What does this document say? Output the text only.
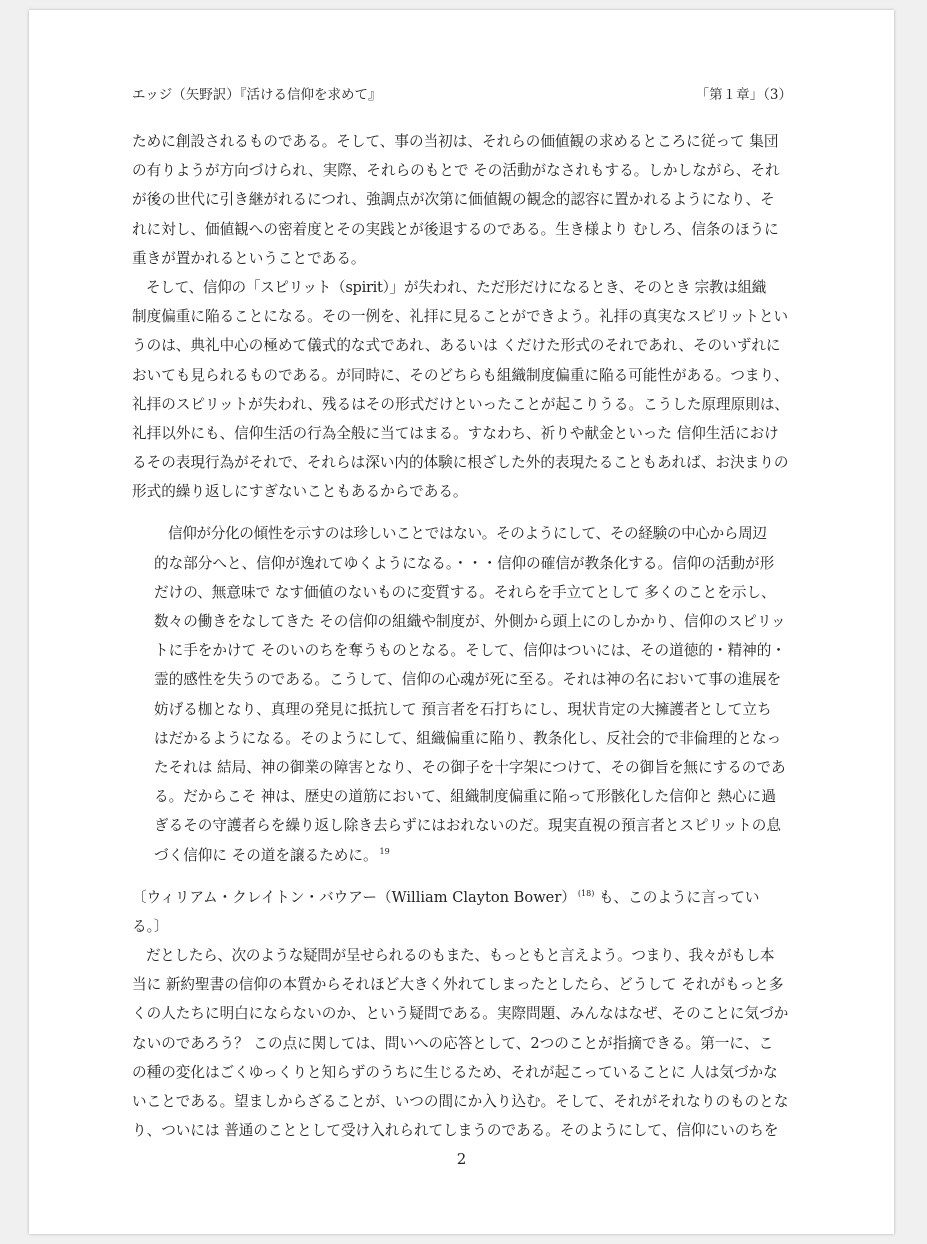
エッジ（矢野訳）『活ける信仰を求めて』	「第１章」（3）
ために創設されるものである。そして、事の当初は、それらの価値観の求めるところに従って 集団
の有りようが方向づけられ、実際、それらのもとで その活動がなされもする。しかしながら、それ
が後の世代に引き継がれるにつれ、強調点が次第に価値観の観念的認容に置かれるようになり、そ
れに対し、価値観への密着度とその実践とが後退するのである。生き様より むしろ、信条のほうに
重きが置かれるということである。
そして、信仰の「スピリット（spirit）」が失われ、ただ形だけになるとき、そのとき 宗教は組織
制度偏重に陥ることになる。その一例を、礼拝に見ることができよう。礼拝の真実なスピリットとい
うのは、典礼中心の極めて儀式的な式であれ、あるいは くだけた形式のそれであれ、そのいずれに
おいても見られるものである。が同時に、そのどちらも組織制度偏重に陥る可能性がある。つまり、
礼拝のスピリットが失われ、残るはその形式だけといったことが起こりうる。こうした原理原則は、
礼拝以外にも、信仰生活の行為全般に当てはまる。すなわち、祈りや献金といった 信仰生活におけ
るその表現行為がそれで、それらは深い内的体験に根ざした外的表現たることもあれば、お決まりの
形式的繰り返しにすぎないこともあるからである。
信仰が分化の傾性を示すのは珍しいことではない。そのようにして、その経験の中心から周辺
的な部分へと、信仰が逸れてゆくようになる。・・・信仰の確信が教条化する。信仰の活動が形
だけの、無意味で なす価値のないものに変質する。それらを手立てとして 多くのことを示し、
数々の働きをなしてきた その信仰の組織や制度が、外側から頭上にのしかかり、信仰のスピリッ
トに手をかけて そのいのちを奪うものとなる。そして、信仰はついには、その道徳的・精神的・
霊的感性を失うのである。こうして、信仰の心魂が死に至る。それは神の名において事の進展を
妨げる枷となり、真理の発見に抵抗して 預言者を石打ちにし、現状肯定の大擁護者として立ち
はだかるようになる。そのようにして、組織偏重に陥り、教条化し、反社会的で非倫理的となっ
たそれは 結局、神の御業の障害となり、その御子を十字架につけて、その御旨を無にするのであ
る。だからこそ 神は、歴史の道筋において、組織制度偏重に陥って形骸化した信仰と 熱心に過
ぎるその守護者らを繰り返し除き去らずにはおれないのだ。現実直視の預言者とスピリットの息
づく信仰に その道を譲るために。 $^{19}$
〔ウィリアム・クレイトン・バウアー（William Clayton Bower） $^{(18)}$ も、このように言ってい
る。〕
だとしたら、次のような疑問が呈せられるのもまた、もっともと言えよう。つまり、我々がもし本
当に 新約聖書の信仰の本質からそれほど大きく外れてしまったとしたら、どうして それがもっと多
くの人たちに明白にならないのか、という疑問である。実際問題、みんなはなぜ、そのことに気づか
ないのであろう？ この点に関しては、問いへの応答として、2つのことが指摘できる。第一に、こ
の種の変化はごくゆっくりと知らずのうちに生じるため、それが起こっていることに 人は気づかな
いことである。望ましからざることが、いつの間にか入り込む。そして、それがそれなりのものとな
り、ついには 普通のこととして受け入れられてしまうのである。そのようにして、信仰にいのちを
2
